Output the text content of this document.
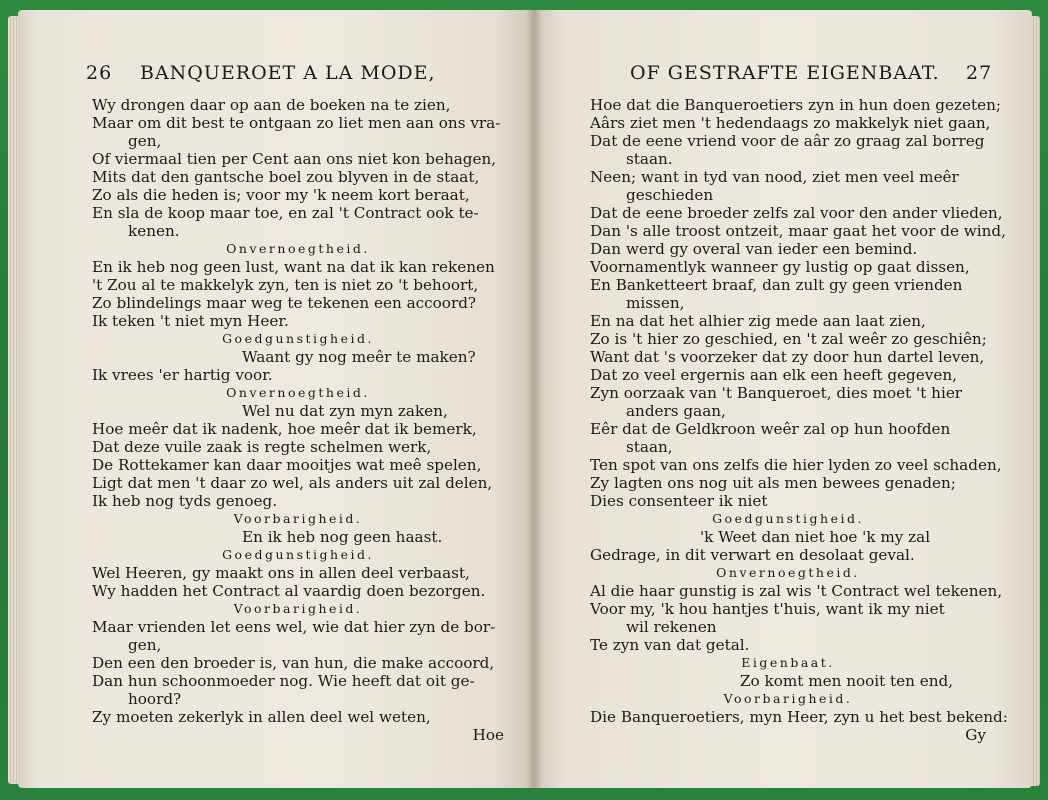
26 BANQUEROET A LA MODE,
Wy drongen daar op aan de boeken na te zien,
Maar om dit best te ontgaan zo liet men aan ons vra-
gen,
Of viermaal tien per Cent aan ons niet kon behagen,
Mits dat den gantsche boel zou blyven in de staat,
Zo als die heden is; voor my 'k neem kort beraat,
En sla de koop maar toe, en zal 't Contract ook te-
kenen.
Onvernoegtheid.
En ik heb nog geen lust, want na dat ik kan rekenen
't Zou al te makkelyk zyn, ten is niet zo 't behoort,
Zo blindelings maar weg te tekenen een accoord?
Ik teken 't niet myn Heer.
Goedgunstigheid.
Waant gy nog meêr te maken?
Ik vrees 'er hartig voor.
Onvernoegtheid.
Wel nu dat zyn myn zaken,
Hoe meêr dat ik nadenk, hoe meêr dat ik bemerk,
Dat deze vuile zaak is regte schelmen werk,
De Rottekamer kan daar mooitjes wat meê spelen,
Ligt dat men 't daar zo wel, als anders uit zal delen,
Ik heb nog tyds genoeg.
Voorbarigheid.
En ik heb nog geen haast.
Goedgunstigheid.
Wel Heeren, gy maakt ons in allen deel verbaast,
Wy hadden het Contract al vaardig doen bezorgen.
Voorbarigheid.
Maar vrienden let eens wel, wie dat hier zyn de bor-
gen,
Den een den broeder is, van hun, die make accoord,
Dan hun schoonmoeder nog. Wie heeft dat oit ge-
hoord?
Zy moeten zekerlyk in allen deel wel weten,
Hoe
OF GESTRAFTE EIGENBAAT. 27
Hoe dat die Banqueroetiers zyn in hun doen gezeten;
Aârs ziet men 't hedendaags zo makkelyk niet gaan,
Dat de eene vriend voor de aâr zo graag zal borreg
staan.
Neen; want in tyd van nood, ziet men veel meêr
geschieden
Dat de eene broeder zelfs zal voor den ander vlieden,
Dan 's alle troost ontzeit, maar gaat het voor de wind,
Dan werd gy overal van ieder een bemind.
Voornamentlyk wanneer gy lustig op gaat dissen,
En Banketteert braaf, dan zult gy geen vrienden
missen,
En na dat het alhier zig mede aan laat zien,
Zo is 't hier zo geschied, en 't zal weêr zo geschiên;
Want dat 's voorzeker dat zy door hun dartel leven,
Dat zo veel ergernis aan elk een heeft gegeven,
Zyn oorzaak van 't Banqueroet, dies moet 't hier
anders gaan,
Eêr dat de Geldkroon weêr zal op hun hoofden
staan,
Ten spot van ons zelfs die hier lyden zo veel schaden,
Zy lagten ons nog uit als men bewees genaden;
Dies consenteer ik niet
Goedgunstigheid.
'k Weet dan niet hoe 'k my zal
Gedrage, in dit verwart en desolaat geval.
Onvernoegtheid.
Al die haar gunstig is zal wis 't Contract wel tekenen,
Voor my, 'k hou hantjes t'huis, want ik my niet
wil rekenen
Te zyn van dat getal.
Eigenbaat.
Zo komt men nooit ten end,
Voorbarigheid.
Die Banqueroetiers, myn Heer, zyn u het best bekend:
Gy
